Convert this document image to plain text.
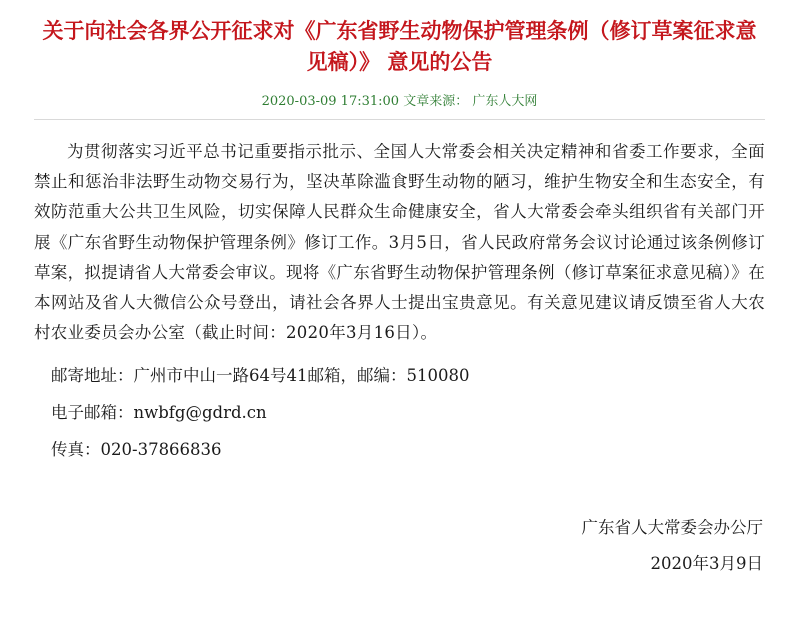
关于向社会各界公开征求对《广东省野生动物保护管理条例（修订草案征求意见稿）》 意见的公告
2020-03-09 17:31:00 文章来源： 广东人大网
为贯彻落实习近平总书记重要指示批示、全国人大常委会相关决定精神和省委工作要求，全面禁止和惩治非法野生动物交易行为，坚决革除滥食野生动物的陋习，维护生物安全和生态安全，有效防范重大公共卫生风险，切实保障人民群众生命健康安全，省人大常委会牵头组织省有关部门开展《广东省野生动物保护管理条例》修订工作。3月5日，省人民政府常务会议讨论通过该条例修订草案，拟提请省人大常委会审议。现将《广东省野生动物保护管理条例（修订草案征求意见稿）》在本网站及省人大微信公众号登出，请社会各界人士提出宝贵意见。有关意见建议请反馈至省人大农村农业委员会办公室（截止时间：2020年3月16日）。
邮寄地址：广州市中山一路64号41邮箱，邮编：510080
电子邮箱：nwbfg@gdrd.cn
传真：020-37866836
广东省人大常委会办公厅
2020年3月9日
